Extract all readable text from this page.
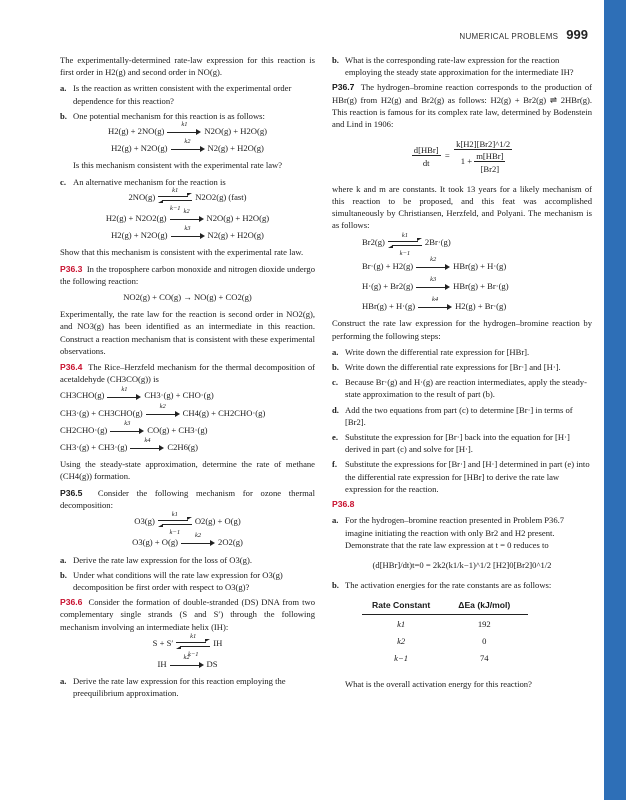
NUMERICAL PROBLEMS 999

The experimentally-determined rate-law expression for this reaction is first order in H2(g) and second order in NO(g).

a. Is the reaction as written consistent with the experimental order dependence for this reaction?
b. One potential mechanism for this reaction is as follows:
H2(g) + 2NO(g)
k1
N2O(g) + H2O(g)
H2(g) + N2O(g)
k2
N2(g) + H2O(g)

Is this mechanism consistent with the experimental rate law?

c. An alternative mechanism for the reaction is
2NO(g)
k1
k−1
N2O2(g) (fast)
H2(g) + N2O2(g)
k2
N2O(g) + H2O(g)
H2(g) + N2O(g)
k3
N2(g) + H2O(g)

Show that this mechanism is consistent with the experimental rate law.

P36.3 In the troposphere carbon monoxide and nitrogen dioxide undergo the following reaction:

NO2(g) + CO(g) → NO(g) + CO2(g)

Experimentally, the rate law for the reaction is second order in NO2(g), and NO3(g) has been identified as an intermediate in this reaction. Construct a reaction mechanism that is consistent with these experimental observations.

P36.4 The Rice–Herzfeld mechanism for the thermal decomposition of acetaldehyde (CH3CO(g)) is

CH3CHO(g)
k1
CH3·(g) + CHO·(g)
CH3·(g) + CH3CHO(g)
k2
CH4(g) + CH2CHO·(g)
CH2CHO·(g)
k3
CO(g) + CH3·(g)
CH3·(g) + CH3·(g)
k4
C2H6(g)

Using the steady-state approximation, determine the rate of methane (CH4(g)) formation.

P36.5 Consider the following mechanism for ozone thermal decomposition:

O3(g)
k1
k−1
O2(g) + O(g)
O3(g) + O(g)
k2
2O2(g)
a. Derive the rate law expression for the loss of O3(g).
b. Under what conditions will the rate law expression for O3(g) decomposition be first order with respect to O3(g)?

P36.6 Consider the formation of double-stranded (DS) DNA from two complementary single strands (S and S′) through the following mechanism involving an intermediate helix (IH):

S + S′
k1
k−1
IH
IH
k2
DS
a. Derive the rate law expression for this reaction employing the preequilibrium approximation.
b. What is the corresponding rate-law expression for the reaction employing the steady state approximation for the intermediate IH?

P36.7 The hydrogen–bromine reaction corresponds to the production of HBr(g) from H2(g) and Br2(g) as follows: H2(g) + Br2(g) ⇌ 2HBr(g). This reaction is famous for its complex rate law, determined by Bodenstein and Lind in 1906:

$\frac{\text{d[HBr]}}{dt}$  =  k[H2][Br2]^1/2
$1 + \frac{\text{m[HBr]}}{[Br2]}$

where k and m are constants. It took 13 years for a likely mechanism of this reaction to be proposed, and this feat was accomplished simultaneously by Christiansen, Herzfeld, and Polyani. The mechanism is as follows:

Br2(g)
k1
k−1
2Br·(g)
Br·(g) + H2(g)
k2
HBr(g) + H·(g)
H·(g) + Br2(g)
k3
HBr(g) + Br·(g)
HBr(g) + H·(g)
k4
H2(g) + Br·(g)

Construct the rate law expression for the hydrogen–bromine reaction by performing the following steps:

a. Write down the differential rate expression for [HBr].
b. Write down the differential rate expressions for [Br·] and [H·].
c. Because Br·(g) and H·(g) are reaction intermediates, apply the steady-state approximation to the result of part (b).
d. Add the two equations from part (c) to determine [Br·] in terms of [Br2].
e. Substitute the expression for [Br·] back into the equation for [H·] derived in part (c) and solve for [H·].
f. Substitute the expressions for [Br·] and [H·] determined in part (e) into the differential rate expression for [HBr] to derive the rate law expression for the reaction.

P36.8

a. For the hydrogen–bromine reaction presented in Problem P36.7 imagine initiating the reaction with only Br2 and H2 present. Demonstrate that the rate law expression at t = 0 reduces to
(d[HBr]/dt)t=0 = 2k2(k1/k−1)^1/2 [H2]0[Br2]0^1/2
b. The activation energies for the rate constants are as follows:
Rate Constant	ΔEa (kJ/mol)
k1	192
k2	0
k−1	74

What is the overall activation energy for this reaction?
